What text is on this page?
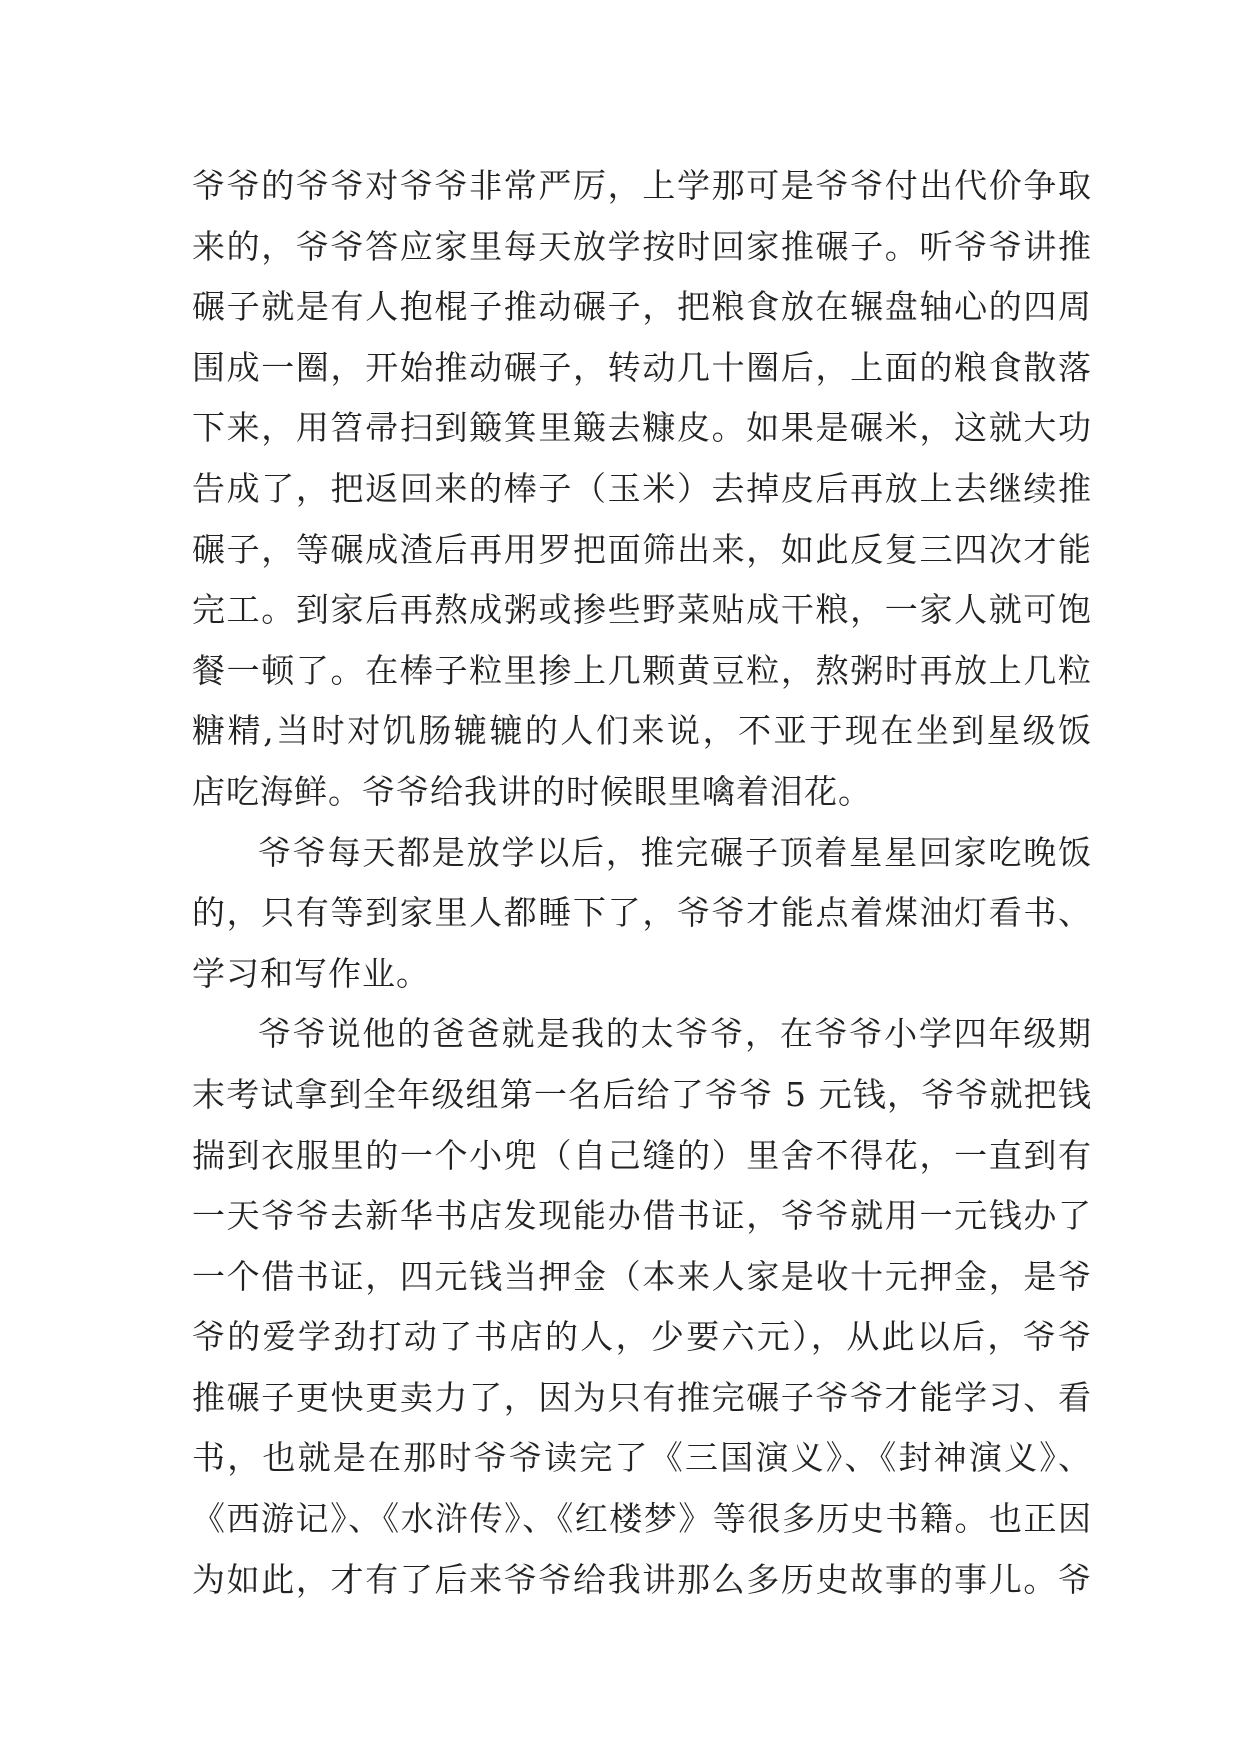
爷爷的爷爷对爷爷非常严厉，上学那可是爷爷付出代价争取
来的，爷爷答应家里每天放学按时回家推碾子。听爷爷讲推
碾子就是有人抱棍子推动碾子，把粮食放在辗盘轴心的四周
围成一圈，开始推动碾子，转动几十圈后，上面的粮食散落
下来，用笤帚扫到簸箕里簸去糠皮。如果是碾米，这就大功
告成了，把返回来的棒子（玉米）去掉皮后再放上去继续推
碾子，等碾成渣后再用罗把面筛出来，如此反复三四次才能
完工。到家后再熬成粥或掺些野菜贴成干粮，一家人就可饱
餐一顿了。在棒子粒里掺上几颗黄豆粒，熬粥时再放上几粒
糖精,当时对饥肠辘辘的人们来说，不亚于现在坐到星级饭
店吃海鲜。爷爷给我讲的时候眼里噙着泪花。
爷爷每天都是放学以后，推完碾子顶着星星回家吃晚饭
的，只有等到家里人都睡下了，爷爷才能点着煤油灯看书、
学习和写作业。
爷爷说他的爸爸就是我的太爷爷，在爷爷小学四年级期
末考试拿到全年级组第一名后给了爷爷 5 元钱，爷爷就把钱
揣到衣服里的一个小兜（自己缝的）里舍不得花，一直到有
一天爷爷去新华书店发现能办借书证，爷爷就用一元钱办了
一个借书证，四元钱当押金（本来人家是收十元押金，是爷
爷的爱学劲打动了书店的人，少要六元），从此以后，爷爷
推碾子更快更卖力了，因为只有推完碾子爷爷才能学习、看
书，也就是在那时爷爷读完了《三国演义》、《封神演义》、
《西游记》、《水浒传》、《红楼梦》等很多历史书籍。也正因
为如此，才有了后来爷爷给我讲那么多历史故事的事儿。爷
